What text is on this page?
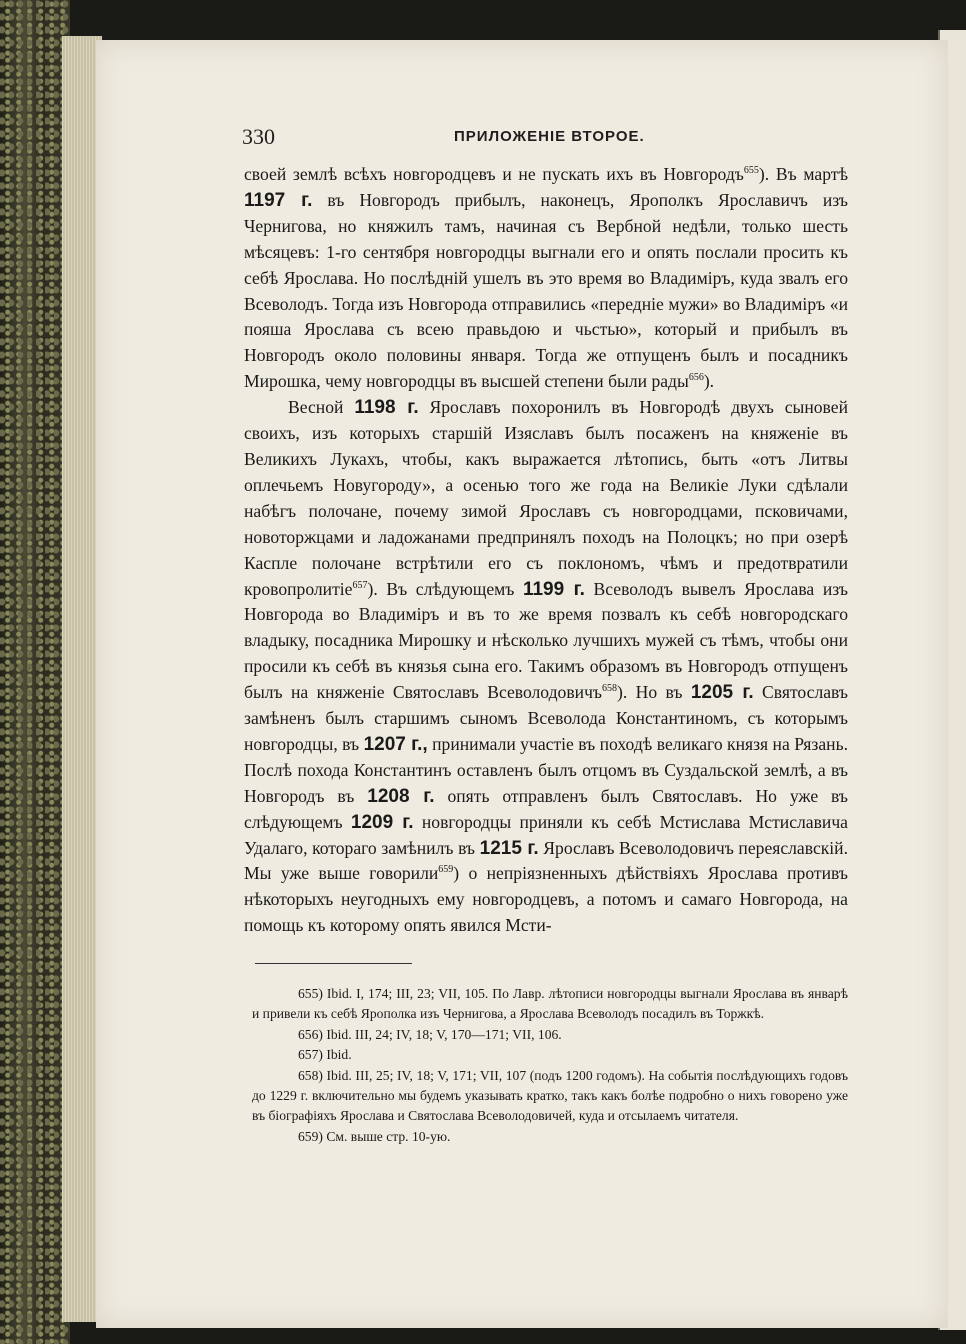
330	ПРИЛОЖЕНІЕ ВТОРОЕ.

своей землѣ всѣхъ новгородцевъ и не пускать ихъ въ Новгородъ$^{655}$). Въ мартѣ 1197 г. въ Новгородъ прибылъ, наконецъ, Ярополкъ Ярославичъ изъ Чернигова, но княжилъ тамъ, начиная съ Вербной недѣли, только шесть мѣсяцевъ: 1-го сентября новгородцы выгнали его и опять послали просить къ себѣ Ярослава. Но послѣдній ушелъ въ это время во Владиміръ, куда звалъ его Всеволодъ. Тогда изъ Новгорода отправились «передніе мужи» во Владиміръ «и пояша Ярослава съ всею правьдою и чьстью», который и прибылъ въ Новгородъ около половины января. Тогда же отпущенъ былъ и посадникъ Мирошка, чему новгородцы въ высшей степени были рады$^{656}$).

Весной 1198 г. Ярославъ похоронилъ въ Новгородѣ двухъ сыновей своихъ, изъ которыхъ старшій Изяславъ былъ посаженъ на княженіе въ Великихъ Лукахъ, чтобы, какъ выражается лѣтопись, быть «отъ Литвы оплечьемъ Новугороду», а осенью того же года на Великіе Луки сдѣлали набѣгъ полочане, почему зимой Ярославъ съ новгородцами, псковичами, новоторжцами и ладожанами предпринялъ походъ на Полоцкъ; но при озерѣ Каспле полочане встрѣтили его съ поклономъ, чѣмъ и предотвратили кровопролитіе$^{657}$). Въ слѣдующемъ 1199 г. Всеволодъ вывелъ Ярослава изъ Новгорода во Владиміръ и въ то же время позвалъ къ себѣ новгородскаго владыку, посадника Мирошку и нѣсколько лучшихъ мужей съ тѣмъ, чтобы они просили къ себѣ въ князья сына его. Такимъ образомъ въ Новгородъ отпущенъ былъ на княженіе Святославъ Всеволодовичъ$^{658}$). Но въ 1205 г. Святославъ замѣненъ былъ старшимъ сыномъ Всеволода Константиномъ, съ которымъ новгородцы, въ 1207 г., принимали участіе въ походѣ великаго князя на Рязань. Послѣ похода Константинъ оставленъ былъ отцомъ въ Суздальской землѣ, а въ Новгородъ въ 1208 г. опять отправленъ былъ Святославъ. Но уже въ слѣдующемъ 1209 г. новгородцы приняли къ себѣ Мстислава Мстиславича Удалаго, котораго замѣнилъ въ 1215 г. Ярославъ Всеволодовичъ переяславскій. Мы уже выше говорили$^{659}$) о непріязненныхъ дѣйствіяхъ Ярослава противъ нѣкоторыхъ неугодныхъ ему новгородцевъ, а потомъ и самаго Новгорода, на помощь къ которому опять явился Мсти-

655) Ibid. I, 174; III, 23; VII, 105. По Лавр. лѣтописи новгородцы выгнали Ярослава въ январѣ и привели къ себѣ Ярополка изъ Чернигова, а Ярослава Всеволодъ посадилъ въ Торжкѣ.

656) Ibid. III, 24; IV, 18; V, 170—171; VII, 106.

657) Ibid.

658) Ibid. III, 25; IV, 18; V, 171; VII, 107 (подъ 1200 годомъ). На событія послѣдующихъ годовъ до 1229 г. включительно мы будемъ указывать кратко, такъ какъ болѣе подробно о нихъ говорено уже въ біографіяхъ Ярослава и Святослава Всеволодовичей, куда и отсылаемъ читателя.

659) См. выше стр. 10-ую.
